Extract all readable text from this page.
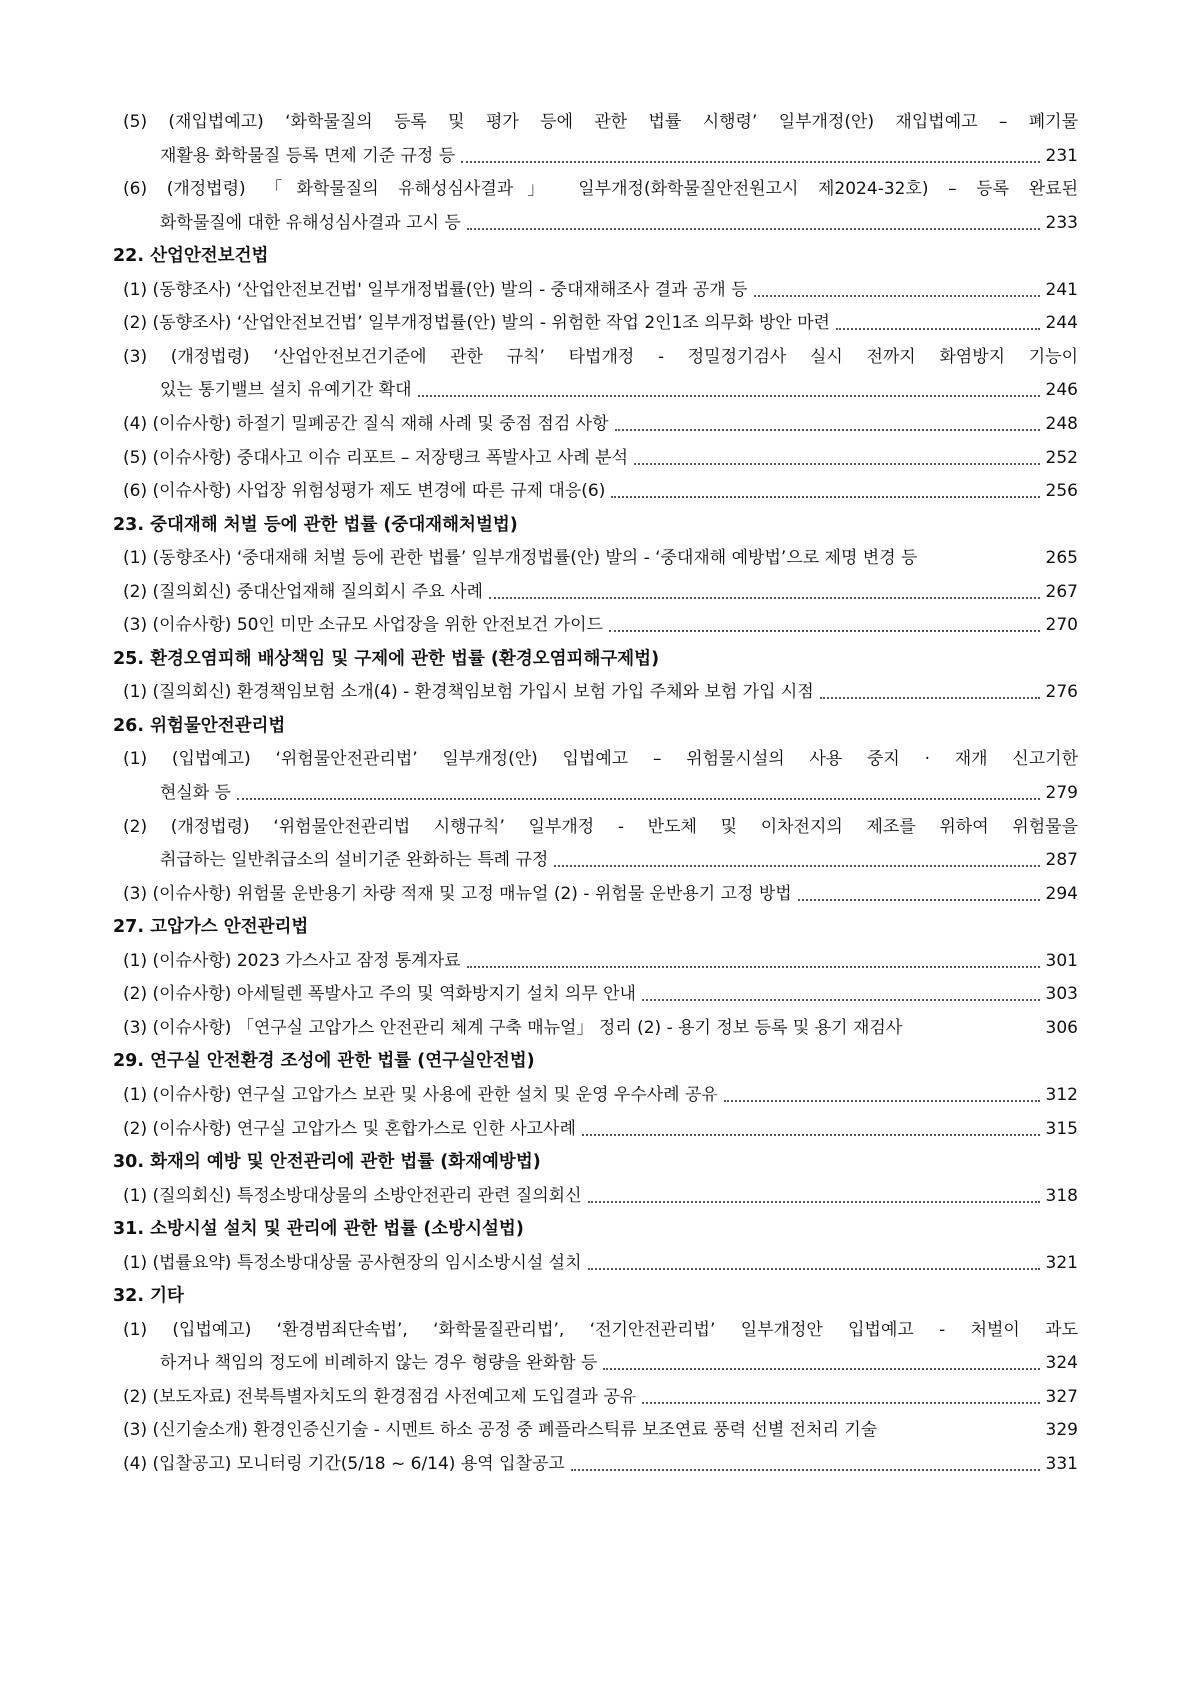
(5) (재입법예고) ‘화학물질의 등록 및 평가 등에 관한 법률 시행령’ 일부개정(안) 재입법예고 – 폐기물
재활용 화학물질 등록 면제 기준 규정 등	231
(6) (개정법령) 「화학물질의 유해성심사결과」 일부개정(화학물질안전원고시 제2024-32호) – 등록 완료된
화학물질에 대한 유해성심사결과 고시 등	233
22. 산업안전보건법
(1) (동향조사) ‘산업안전보건법' 일부개정법률(안) 발의 - 중대재해조사 결과 공개 등	241
(2) (동향조사) ‘산업안전보건법’ 일부개정법률(안) 발의 - 위험한 작업 2인1조 의무화 방안 마련	244
(3) (개정법령) ‘산업안전보건기준에 관한 규칙’ 타법개정 - 정밀정기검사 실시 전까지 화염방지 기능이
있는 통기밸브 설치 유예기간 확대	246
(4) (이슈사항) 하절기 밀폐공간 질식 재해 사례 및 중점 점검 사항	248
(5) (이슈사항) 중대사고 이슈 리포트 – 저장탱크 폭발사고 사례 분석	252
(6) (이슈사항) 사업장 위험성평가 제도 변경에 따른 규제 대응(6)	256
23. 중대재해 처벌 등에 관한 법률 (중대재해처벌법)
(1) (동향조사) ‘중대재해 처벌 등에 관한 법률’ 일부개정법률(안) 발의 - ‘중대재해 예방법’으로 제명 변경 등	265
(2) (질의회신) 중대산업재해 질의회시 주요 사례	267
(3) (이슈사항) 50인 미만 소규모 사업장을 위한 안전보건 가이드	270
25. 환경오염피해 배상책임 및 구제에 관한 법률 (환경오염피해구제법)
(1) (질의회신) 환경책임보험 소개(4) - 환경책임보험 가입시 보험 가입 주체와 보험 가입 시점	276
26. 위험물안전관리법
(1) (입법예고) ‘위험물안전관리법’ 일부개정(안) 입법예고 – 위험물시설의 사용 중지 · 재개 신고기한
현실화 등	279
(2) (개정법령) ‘위험물안전관리법 시행규칙’ 일부개정 - 반도체 및 이차전지의 제조를 위하여 위험물을
취급하는 일반취급소의 설비기준 완화하는 특례 규정	287
(3) (이슈사항) 위험물 운반용기 차량 적재 및 고정 매뉴얼 (2) - 위험물 운반용기 고정 방법	294
27. 고압가스 안전관리법
(1) (이슈사항) 2023 가스사고 잠정 통계자료	301
(2) (이슈사항) 아세틸렌 폭발사고 주의 및 역화방지기 설치 의무 안내	303
(3) (이슈사항) 「연구실 고압가스 안전관리 체계 구축 매뉴얼」 정리 (2) - 용기 정보 등록 및 용기 재검사	306
29. 연구실 안전환경 조성에 관한 법률 (연구실안전법)
(1) (이슈사항) 연구실 고압가스 보관 및 사용에 관한 설치 및 운영 우수사례 공유	312
(2) (이슈사항) 연구실 고압가스 및 혼합가스로 인한 사고사례	315
30. 화재의 예방 및 안전관리에 관한 법률 (화재예방법)
(1) (질의회신) 특정소방대상물의 소방안전관리 관련 질의회신	318
31. 소방시설 설치 및 관리에 관한 법률 (소방시설법)
(1) (법률요약) 특정소방대상물 공사현장의 임시소방시설 설치	321
32. 기타
(1) (입법예고) ‘환경범죄단속법’, ‘화학물질관리법’, ‘전기안전관리법’ 일부개정안 입법예고 - 처벌이 과도
하거나 책임의 정도에 비례하지 않는 경우 형량을 완화함 등	324
(2) (보도자료) 전북특별자치도의 환경점검 사전예고제 도입결과 공유	327
(3) (신기술소개) 환경인증신기술 - 시멘트 하소 공정 중 폐플라스틱류 보조연료 풍력 선별 전처리 기술	329
(4) (입찰공고) 모니터링 기간(5/18 ~ 6/14) 용역 입찰공고	331
